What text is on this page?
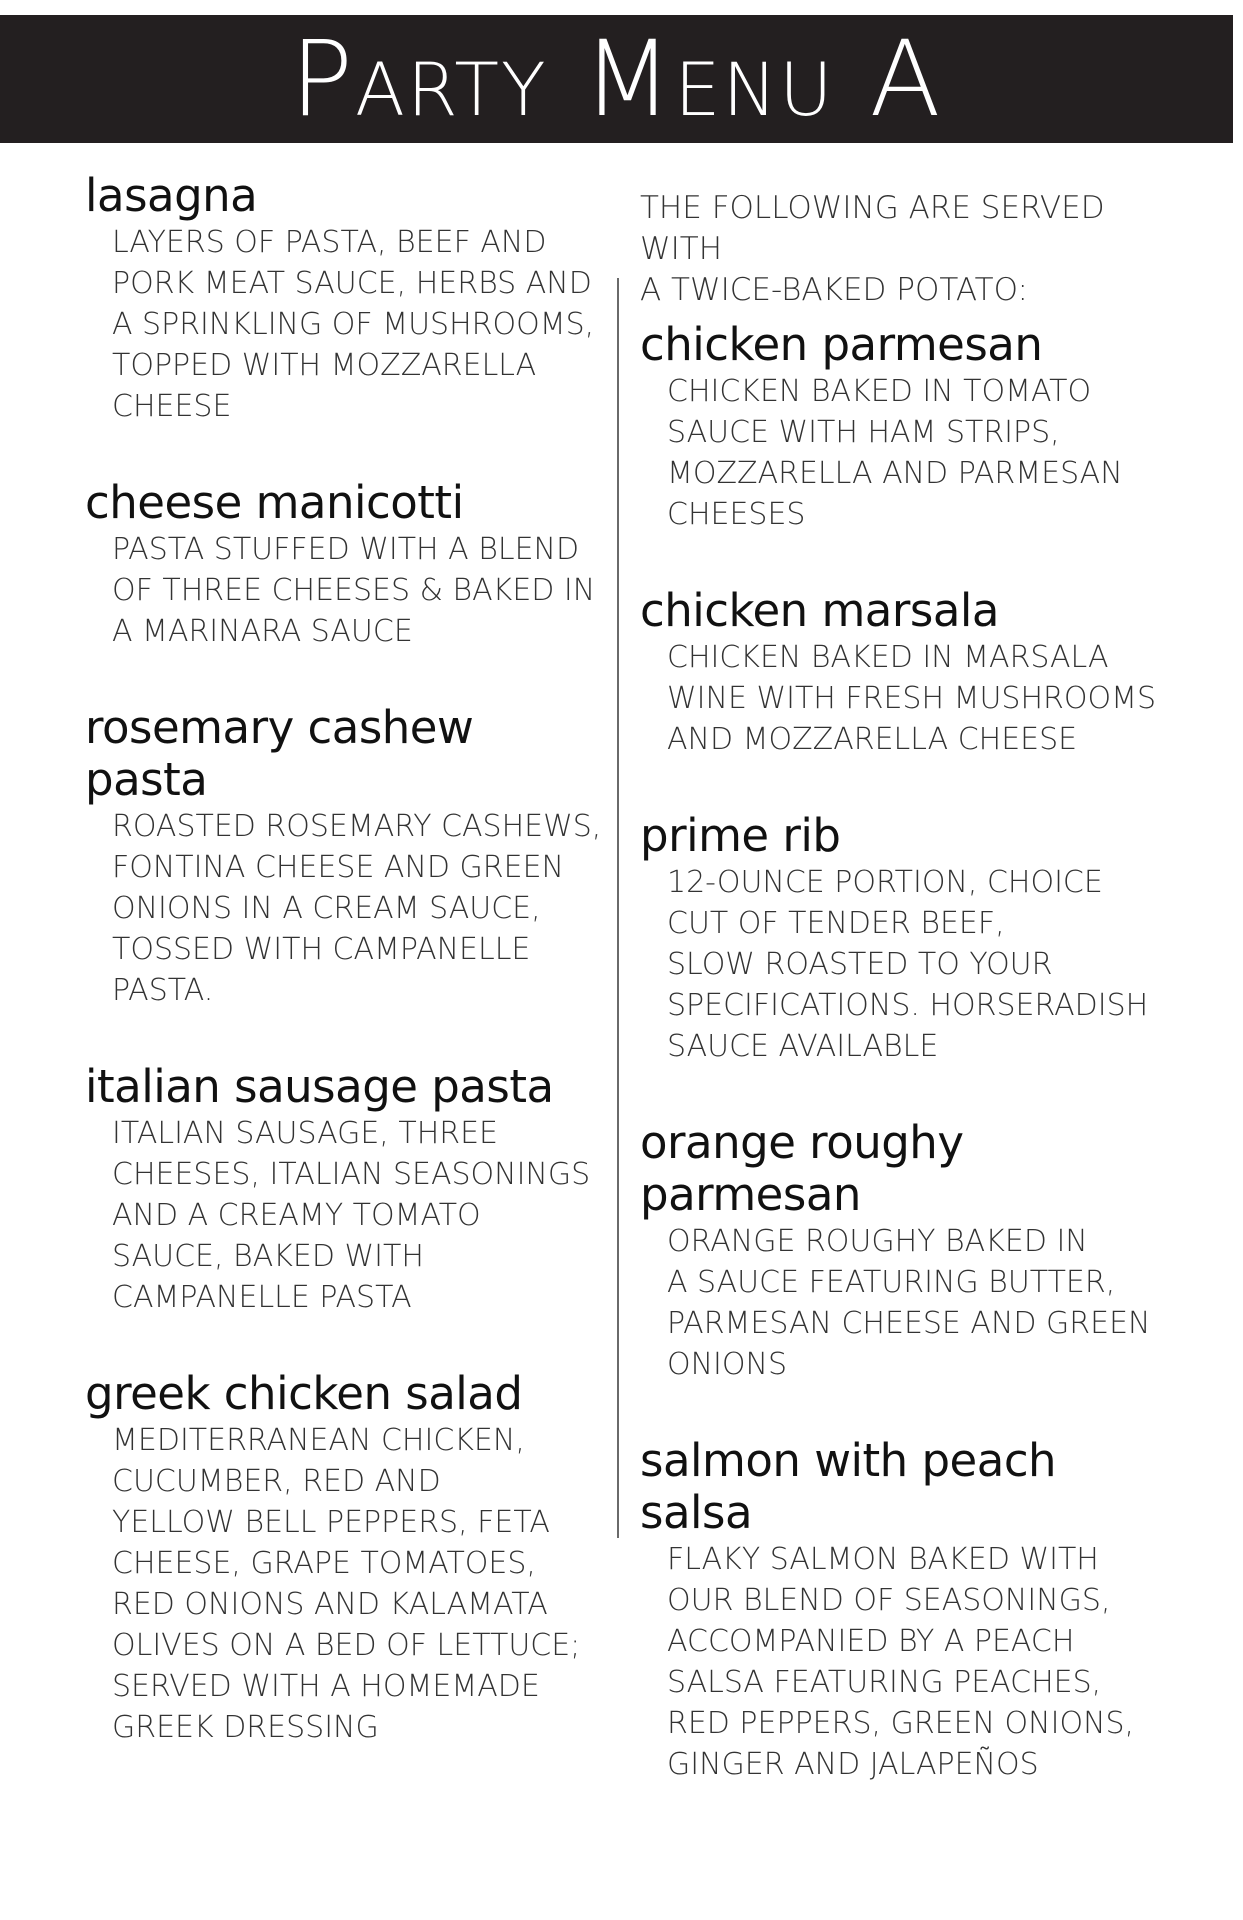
Party Menu A
lasagna

LAYERS OF PASTA, BEEF AND
PORK MEAT SAUCE, HERBS AND
A SPRINKLING OF MUSHROOMS,
TOPPED WITH MOZZARELLA
CHEESE

cheese manicotti

PASTA STUFFED WITH A BLEND
OF THREE CHEESES & BAKED IN
A MARINARA SAUCE

rosemary cashew pasta

ROASTED ROSEMARY CASHEWS,
FONTINA CHEESE AND GREEN
ONIONS IN A CREAM SAUCE,
TOSSED WITH CAMPANELLE
PASTA.

italian sausage pasta

ITALIAN SAUSAGE, THREE
CHEESES, ITALIAN SEASONINGS
AND A CREAMY TOMATO
SAUCE, BAKED WITH
CAMPANELLE PASTA

greek chicken salad

MEDITERRANEAN CHICKEN,
CUCUMBER, RED AND
YELLOW BELL PEPPERS, FETA
CHEESE, GRAPE TOMATOES,
RED ONIONS AND KALAMATA
OLIVES ON A BED OF LETTUCE;
SERVED WITH A HOMEMADE
GREEK DRESSING

THE FOLLOWING ARE SERVED WITH
A TWICE-BAKED POTATO:
chicken parmesan

CHICKEN BAKED IN TOMATO
SAUCE WITH HAM STRIPS,
MOZZARELLA AND PARMESAN
CHEESES

chicken marsala

CHICKEN BAKED IN MARSALA
WINE WITH FRESH MUSHROOMS
AND MOZZARELLA CHEESE

prime rib

12-OUNCE PORTION, CHOICE
CUT OF TENDER BEEF,
SLOW ROASTED TO YOUR
SPECIFICATIONS. HORSERADISH
SAUCE AVAILABLE

orange roughy
parmesan

ORANGE ROUGHY BAKED IN
A SAUCE FEATURING BUTTER,
PARMESAN CHEESE AND GREEN
ONIONS

salmon with peach salsa

FLAKY SALMON BAKED WITH
OUR BLEND OF SEASONINGS,
ACCOMPANIED BY A PEACH
SALSA FEATURING PEACHES,
RED PEPPERS, GREEN ONIONS,
GINGER AND JALAPEÑOS
